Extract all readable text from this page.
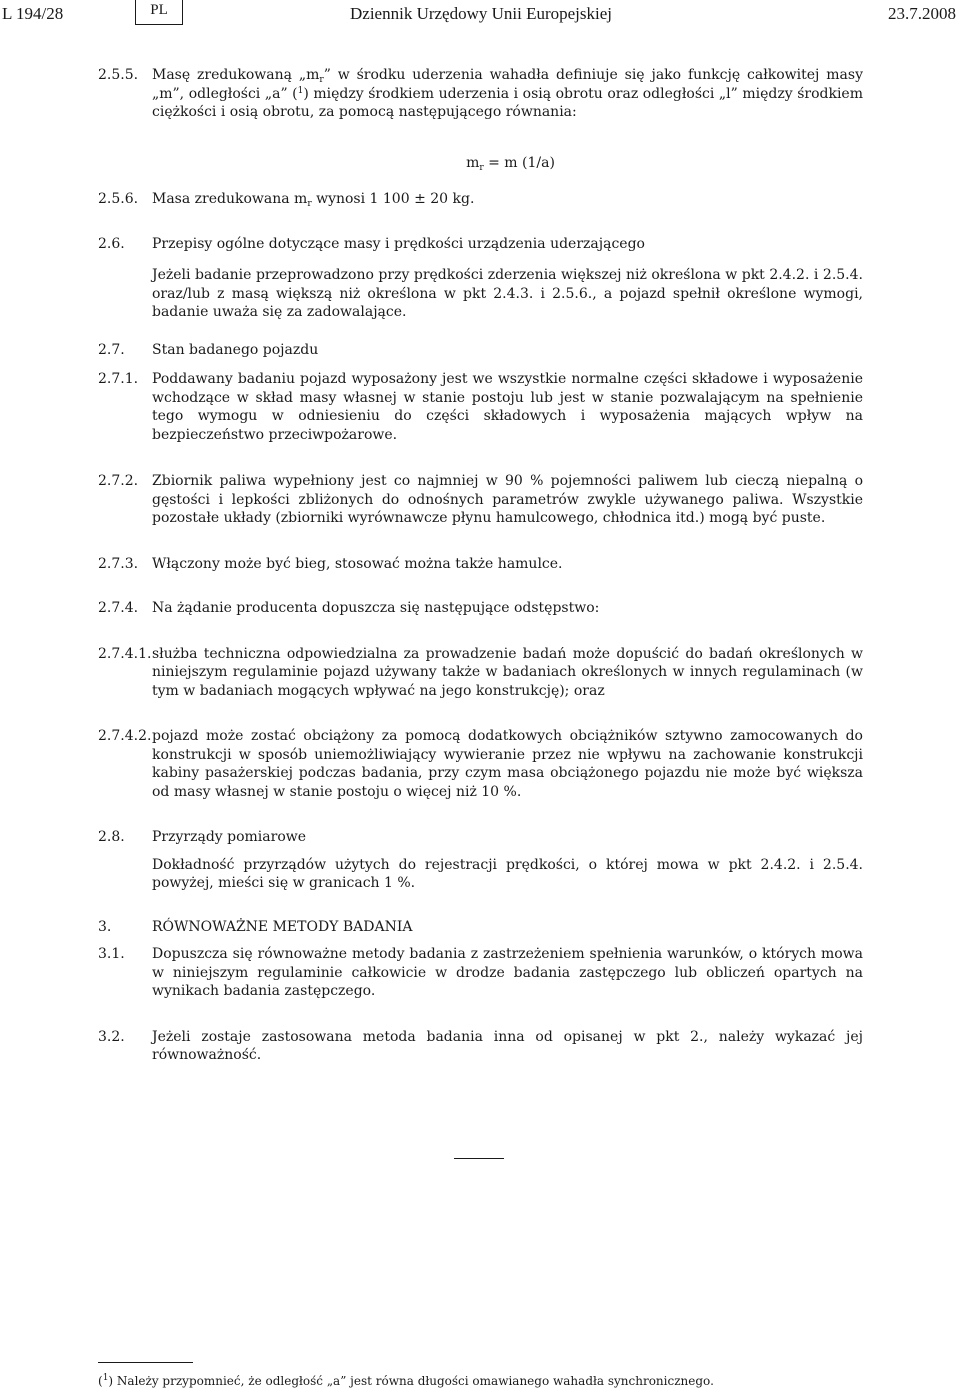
L 194/28	PL	Dziennik Urzędowy Unii Europejskiej	23.7.2008
2.5.5. Masę zredukowaną $„m_r$” w środku uderzenia wahadła definiuje się jako funkcję całkowitej masy „m”, odległości „a” ($^1$) między środkiem uderzenia i osią obrotu oraz odległości „l” między środkiem ciężkości i osią obrotu, za pomocą następującego równania:

$m_r = m$ (1/a)

2.5.6. Masa zredukowana $m_r$ wynosi 1 100 ± 20 kg.
2.6.	Przepisy ogólne dotyczące masy i prędkości urządzenia uderzającego
Jeżeli badanie przeprowadzono przy prędkości zderzenia większej niż określona w pkt 2.4.2. i 2.5.4. oraz/lub z masą większą niż określona w pkt 2.4.3. i 2.5.6., a pojazd spełnił określone wymogi, badanie uważa się za zadowalające.
2.7.	Stan badanego pojazdu
2.7.1. Poddawany badaniu pojazd wyposażony jest we wszystkie normalne części składowe i wyposażenie wchodzące w skład masy własnej w stanie postoju lub jest w stanie pozwalającym na spełnienie tego wymogu w odniesieniu do części składowych i wyposażenia mających wpływ na bezpieczeństwo przeciwpożarowe.
2.7.2. Zbiornik paliwa wypełniony jest co najmniej w 90 % pojemności paliwem lub cieczą niepalną o gęstości i lepkości zbliżonych do odnośnych parametrów zwykle używanego paliwa. Wszystkie pozostałe układy (zbiorniki wyrównawcze płynu hamulcowego, chłodnica itd.) mogą być puste.
2.7.3. Włączony może być bieg, stosować można także hamulce.
2.7.4. Na żądanie producenta dopuszcza się następujące odstępstwo:
2.7.4.1. służba techniczna odpowiedzialna za prowadzenie badań może dopuścić do badań określonych w niniejszym regulaminie pojazd używany także w badaniach określonych w innych regulaminach (w tym w badaniach mogących wpływać na jego konstrukcję); oraz
2.7.4.2. pojazd może zostać obciążony za pomocą dodatkowych obciążników sztywno zamocowanych do konstrukcji w sposób uniemożliwiający wywieranie przez nie wpływu na zachowanie konstrukcji kabiny pasażerskiej podczas badania, przy czym masa obciążonego pojazdu nie może być większa od masy własnej w stanie postoju o więcej niż 10 %.
2.8.	Przyrządy pomiarowe
Dokładność przyrządów użytych do rejestracji prędkości, o której mowa w pkt 2.4.2. i 2.5.4. powyżej, mieści się w granicach 1 %.
3.	RÓWNOWAŻNE METODY BADANIA
3.1.	Dopuszcza się równoważne metody badania z zastrzeżeniem spełnienia warunków, o których mowa w niniejszym regulaminie całkowicie w drodze badania zastępczego lub obliczeń opartych na wynikach badania zastępczego.
3.2.	Jeżeli zostaje zastosowana metoda badania inna od opisanej w pkt 2., należy wykazać jej równoważność.
($^1$) Należy przypomnieć, że odległość „a” jest równa długości omawianego wahadła synchronicznego.
